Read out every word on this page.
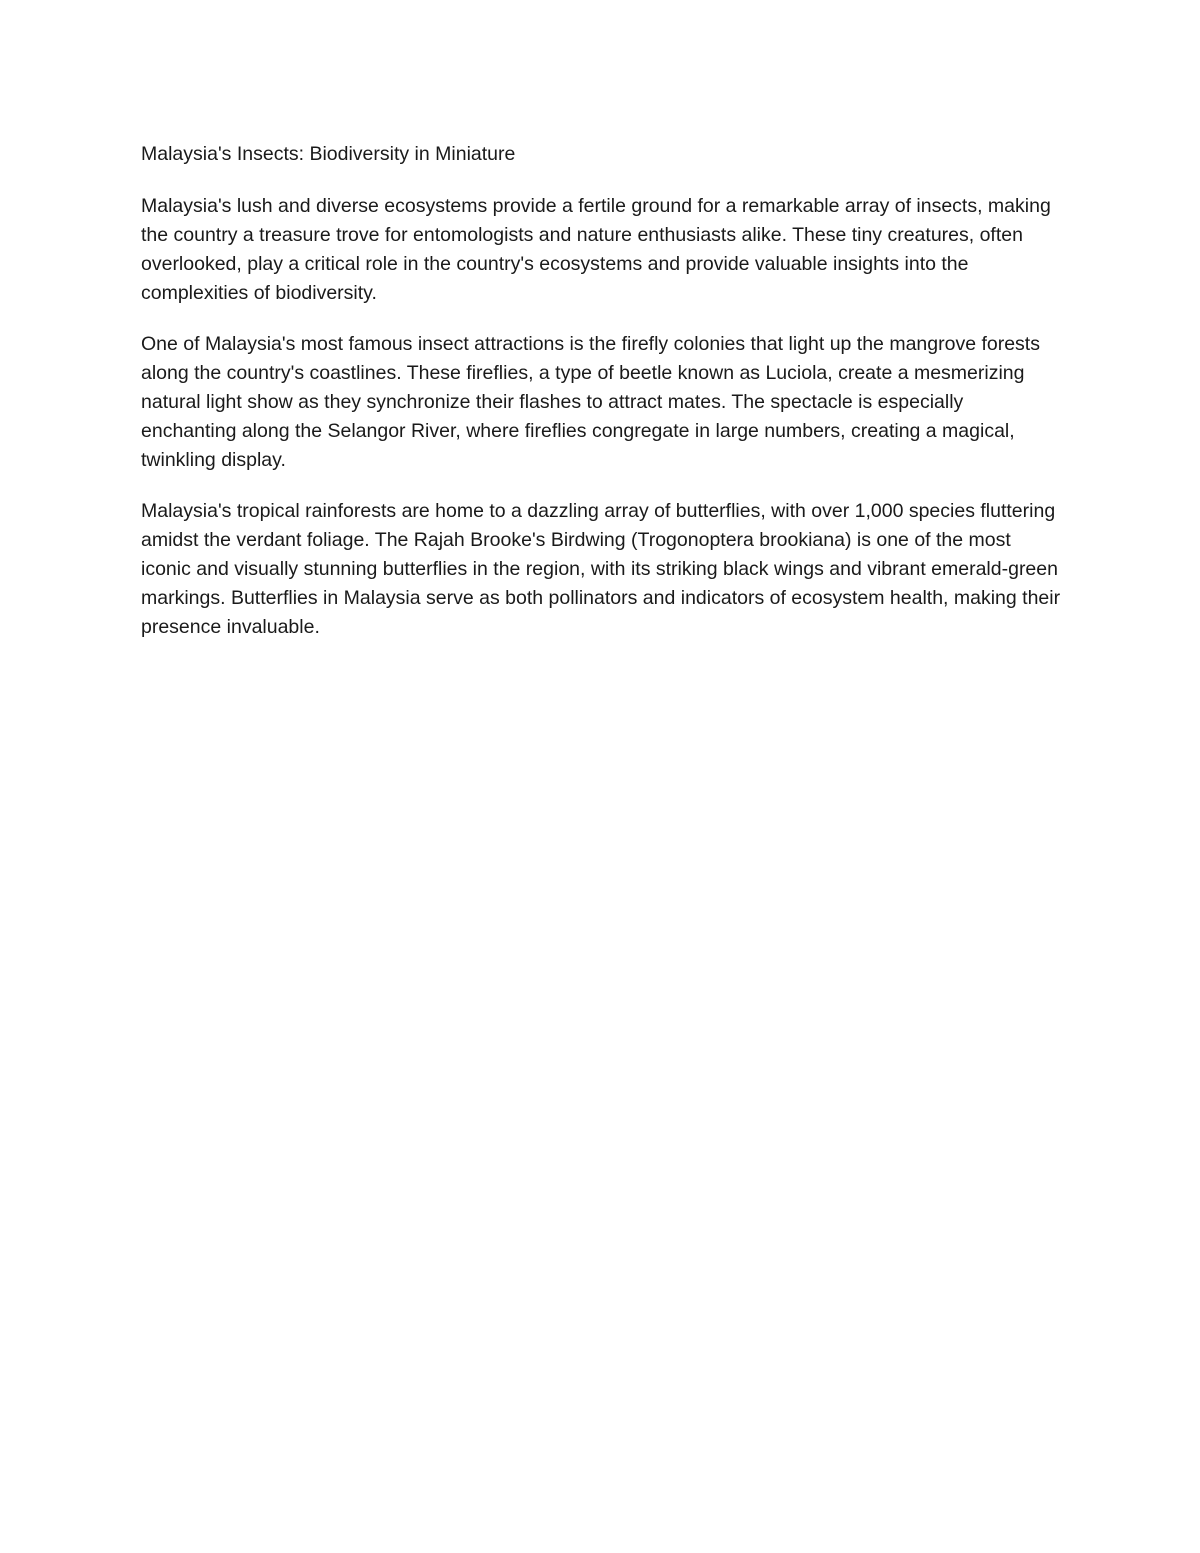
Malaysia's Insects: Biodiversity in Miniature

Malaysia's lush and diverse ecosystems provide a fertile ground for a remarkable array of insects, making the country a treasure trove for entomologists and nature enthusiasts alike. These tiny creatures, often overlooked, play a critical role in the country's ecosystems and provide valuable insights into the complexities of biodiversity.

One of Malaysia's most famous insect attractions is the firefly colonies that light up the mangrove forests along the country's coastlines. These fireflies, a type of beetle known as Luciola, create a mesmerizing natural light show as they synchronize their flashes to attract mates. The spectacle is especially enchanting along the Selangor River, where fireflies congregate in large numbers, creating a magical, twinkling display.

Malaysia's tropical rainforests are home to a dazzling array of butterflies, with over 1,000 species fluttering amidst the verdant foliage. The Rajah Brooke's Birdwing (Trogonoptera brookiana) is one of the most iconic and visually stunning butterflies in the region, with its striking black wings and vibrant emerald-green markings. Butterflies in Malaysia serve as both pollinators and indicators of ecosystem health, making their presence invaluable.
